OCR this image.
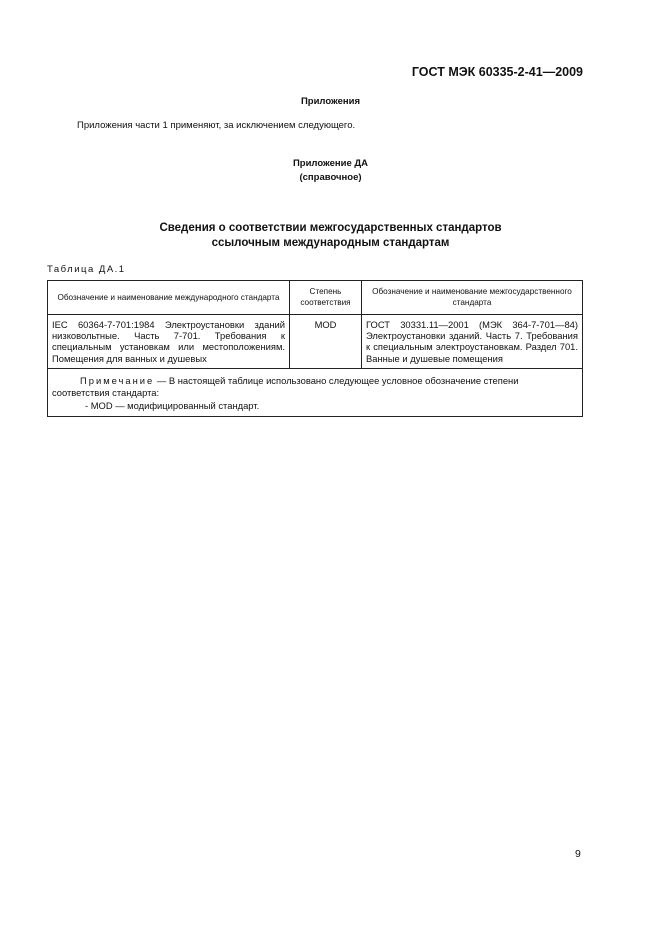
ГОСТ МЭК 60335-2-41—2009
Приложения
Приложения части 1 применяют, за исключением следующего.
Приложение ДА
(справочное)
Сведения о соответствии межгосударственных стандартов
ссылочным международным стандартам
Таблица ДА.1
Обозначение и наименование международного стандарта	Степень соответствия	Обозначение и наименование межгосударственного стандарта
IEC 60364-7-701:1984 Электроустановки зданий низковольтные. Часть 7-701. Требования к специальным установкам или местоположениям. Помещения для ванных и душевых	MOD	ГОСТ 30331.11—2001 (МЭК 364-7-701—84) Электроустановки зданий. Часть 7. Требования к специальным электроустановкам. Раздел 701. Ванные и душевые помещения
Примечание — В настоящей таблице использовано следующее условное обозначение степени соответствия стандарта:
- MOD — модифицированный стандарт.		
9
